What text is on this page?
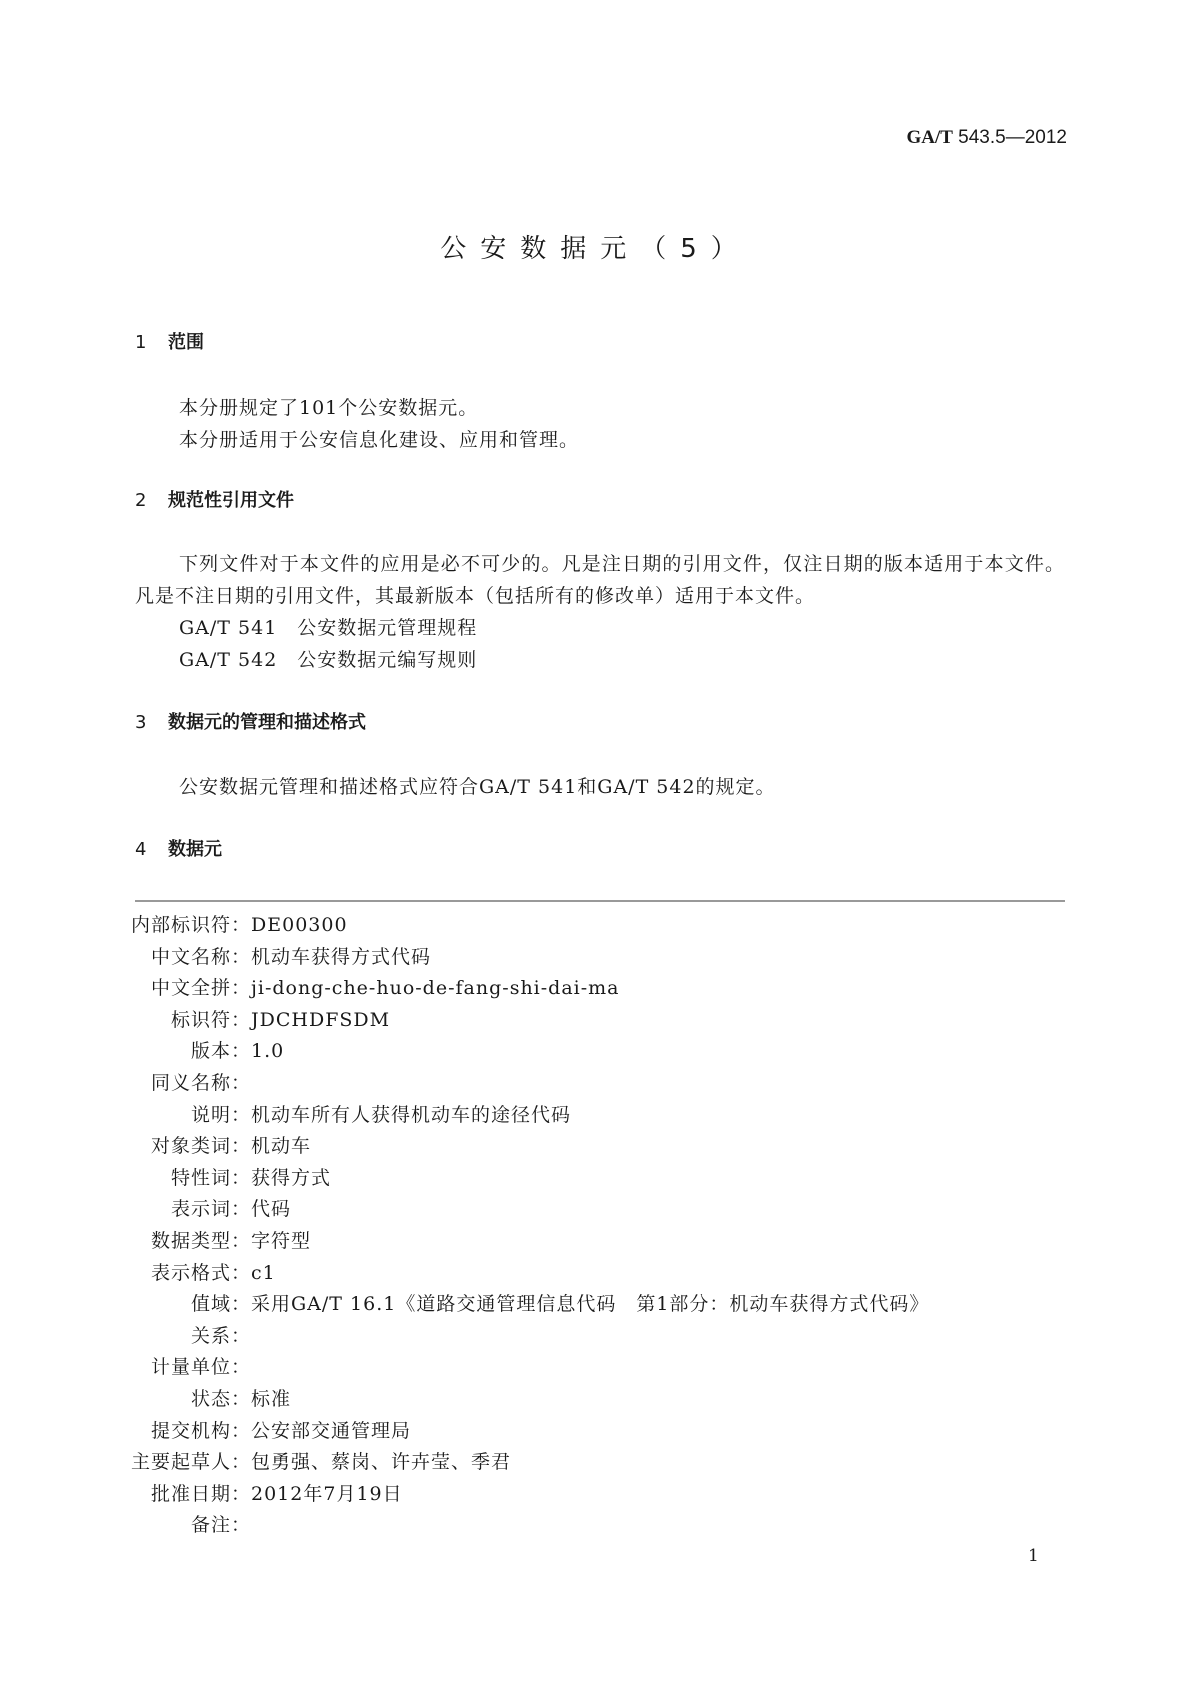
GA/T 543.5—2012
公安数据元（5）
1 范围
本分册规定了101个公安数据元。
本分册适用于公安信息化建设、应用和管理。
2 规范性引用文件
下列文件对于本文件的应用是必不可少的。凡是注日期的引用文件，仅注日期的版本适用于本文件。凡是不注日期的引用文件，其最新版本（包括所有的修改单）适用于本文件。
GA/T 541　公安数据元管理规程
GA/T 542　公安数据元编写规则
3 数据元的管理和描述格式
公安数据元管理和描述格式应符合GA/T 541和GA/T 542的规定。
4 数据元
内部标识符：DE00300
中文名称：机动车获得方式代码
中文全拼：ji-dong-che-huo-de-fang-shi-dai-ma
标识符：JDCHDFSDM
版本：1.0
同义名称：
说明：机动车所有人获得机动车的途径代码
对象类词：机动车
特性词：获得方式
表示词：代码
数据类型：字符型
表示格式：c1
值域：采用GA/T 16.1《道路交通管理信息代码　第1部分：机动车获得方式代码》
关系：
计量单位：
状态：标准
提交机构：公安部交通管理局
主要起草人：包勇强、蔡岗、许卉莹、季君
批准日期：2012年7月19日
备注：
1
